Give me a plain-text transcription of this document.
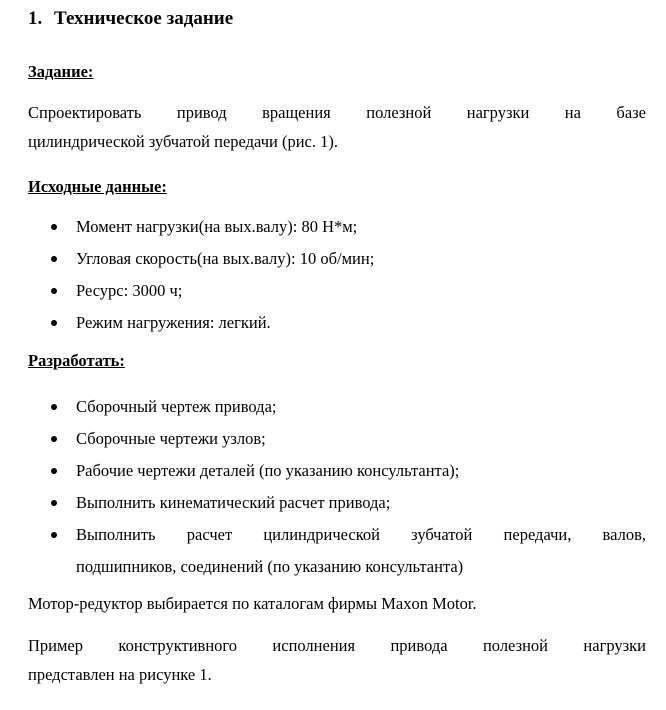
1. Техническое задание

Задание:

Спроектировать привод вращения полезной нагрузки на базе
цилиндрической зубчатой передачи (рис. 1).

Исходные данные:

Момент нагрузки(на вых.валу): 80 Н*м;
Угловая скорость(на вых.валу): 10 об/мин;
Ресурс: 3000 ч;
Режим нагружения: легкий.

Разработать:

Сборочный чертеж привода;
Сборочные чертежи узлов;
Рабочие чертежи деталей (по указанию консультанта);
Выполнить кинематический расчет привода;
Выполнить расчет цилиндрической зубчатой передачи, валов,
подшипников, соединений (по указанию консультанта)

Мотор-редуктор выбирается по каталогам фирмы Maxon Motor.

Пример конструктивного исполнения привода полезной нагрузки
представлен на рисунке 1.
